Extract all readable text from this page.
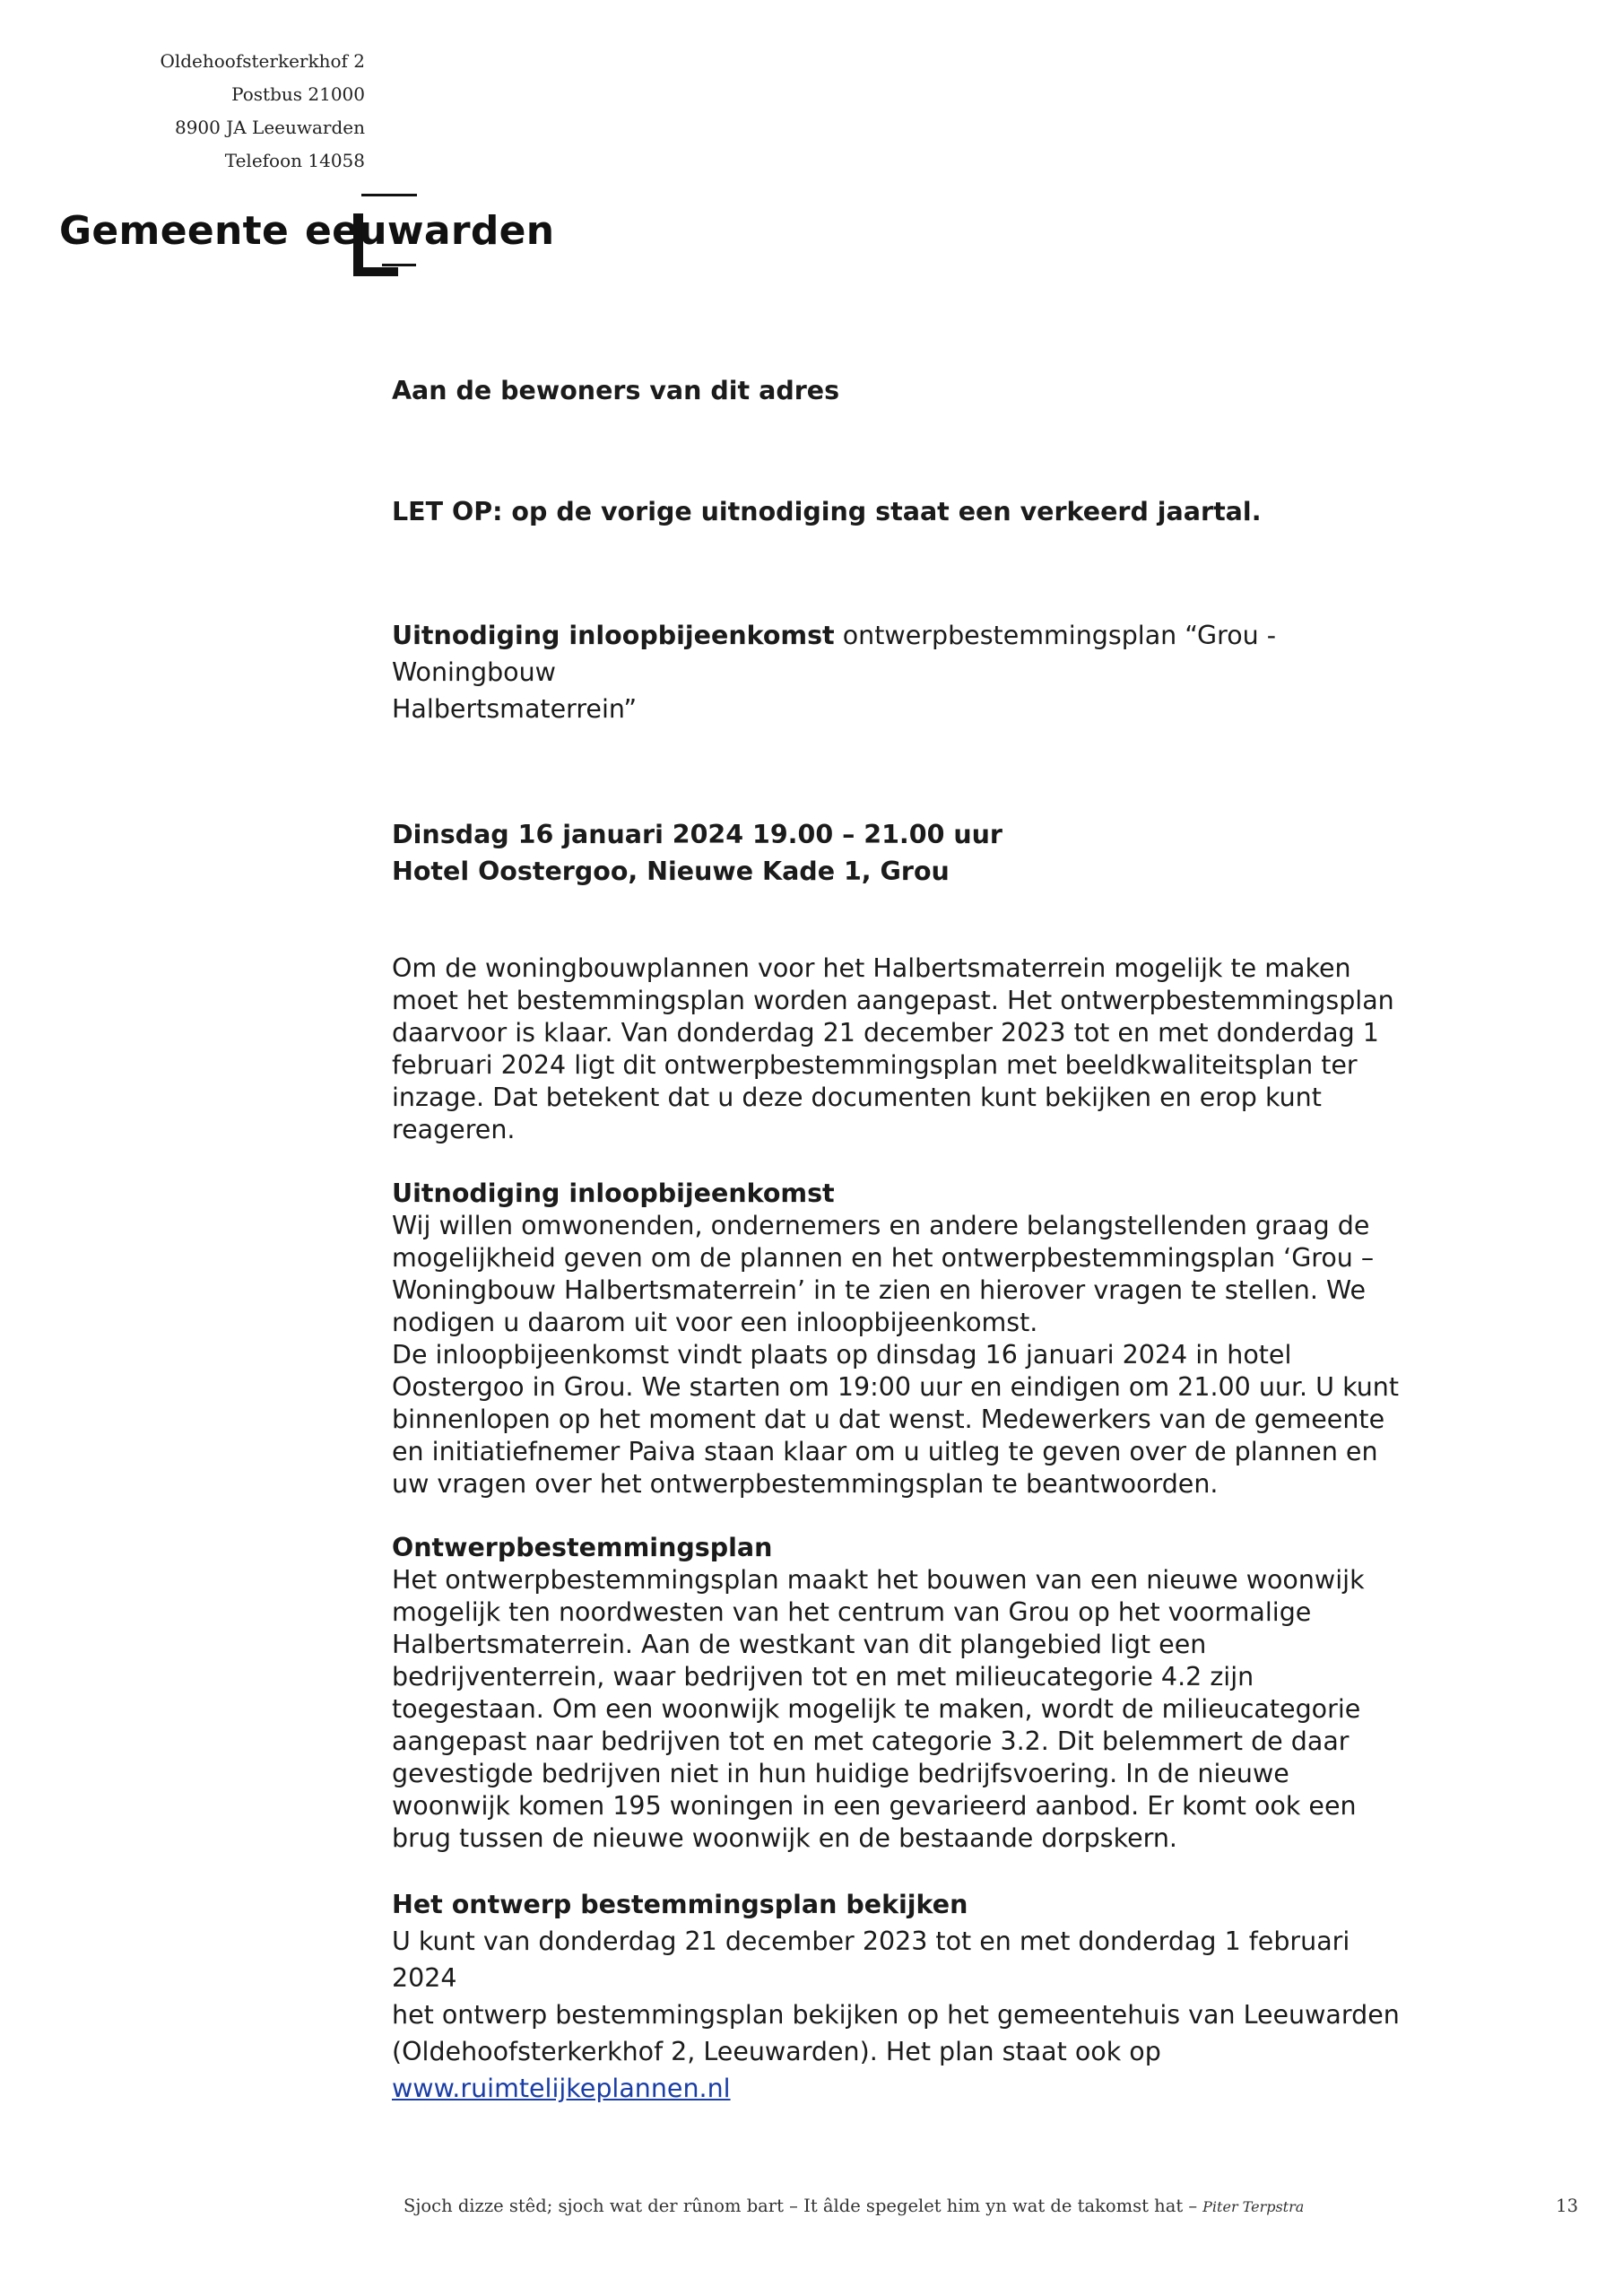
Oldehoofsterkerkhof 2
Postbus 21000
8900 JA Leeuwarden
Telefoon 14058
Gemeente eeuwarden

Aan de bewoners van dit adres

LET OP: op de vorige uitnodiging staat een verkeerd jaartal.

Uitnodiging inloopbijeenkomst ontwerpbestemmingsplan “Grou - Woningbouw

Halbertsmaterrein”

Dinsdag 16 januari 2024 19.00 – 21.00 uur

Hotel Oostergoo, Nieuwe Kade 1, Grou

Om de woningbouwplannen voor het Halbertsmaterrein mogelijk te maken

moet het bestemmingsplan worden aangepast. Het ontwerpbestemmingsplan

daarvoor is klaar. Van donderdag 21 december 2023 tot en met donderdag 1

februari 2024 ligt dit ontwerpbestemmingsplan met beeldkwaliteitsplan ter

inzage. Dat betekent dat u deze documenten kunt bekijken en erop kunt

reageren.

Uitnodiging inloopbijeenkomst

Wij willen omwonenden, ondernemers en andere belangstellenden graag de

mogelijkheid geven om de plannen en het ontwerpbestemmingsplan ‘Grou –

Woningbouw Halbertsmaterrein’ in te zien en hierover vragen te stellen. We

nodigen u daarom uit voor een inloopbijeenkomst.

De inloopbijeenkomst vindt plaats op dinsdag 16 januari 2024 in hotel

Oostergoo in Grou. We starten om 19:00 uur en eindigen om 21.00 uur. U kunt

binnenlopen op het moment dat u dat wenst. Medewerkers van de gemeente

en initiatiefnemer Paiva staan klaar om u uitleg te geven over de plannen en

uw vragen over het ontwerpbestemmingsplan te beantwoorden.

Ontwerpbestemmingsplan

Het ontwerpbestemmingsplan maakt het bouwen van een nieuwe woonwijk

mogelijk ten noordwesten van het centrum van Grou op het voormalige

Halbertsmaterrein. Aan de westkant van dit plangebied ligt een

bedrijventerrein, waar bedrijven tot en met milieucategorie 4.2 zijn

toegestaan. Om een woonwijk mogelijk te maken, wordt de milieucategorie

aangepast naar bedrijven tot en met categorie 3.2. Dit belemmert de daar

gevestigde bedrijven niet in hun huidige bedrijfsvoering. In de nieuwe

woonwijk komen 195 woningen in een gevarieerd aanbod. Er komt ook een

brug tussen de nieuwe woonwijk en de bestaande dorpskern.

Het ontwerp bestemmingsplan bekijken

U kunt van donderdag 21 december 2023 tot en met donderdag 1 februari 2024

het ontwerp bestemmingsplan bekijken op het gemeentehuis van Leeuwarden

(Oldehoofsterkerkhof 2, Leeuwarden). Het plan staat ook op

www.ruimtelijkeplannen.nl

Sjoch dizze stêd; sjoch wat der rûnom bart – It âlde spegelet him yn wat de takomst hat – Piter Terpstra	13
